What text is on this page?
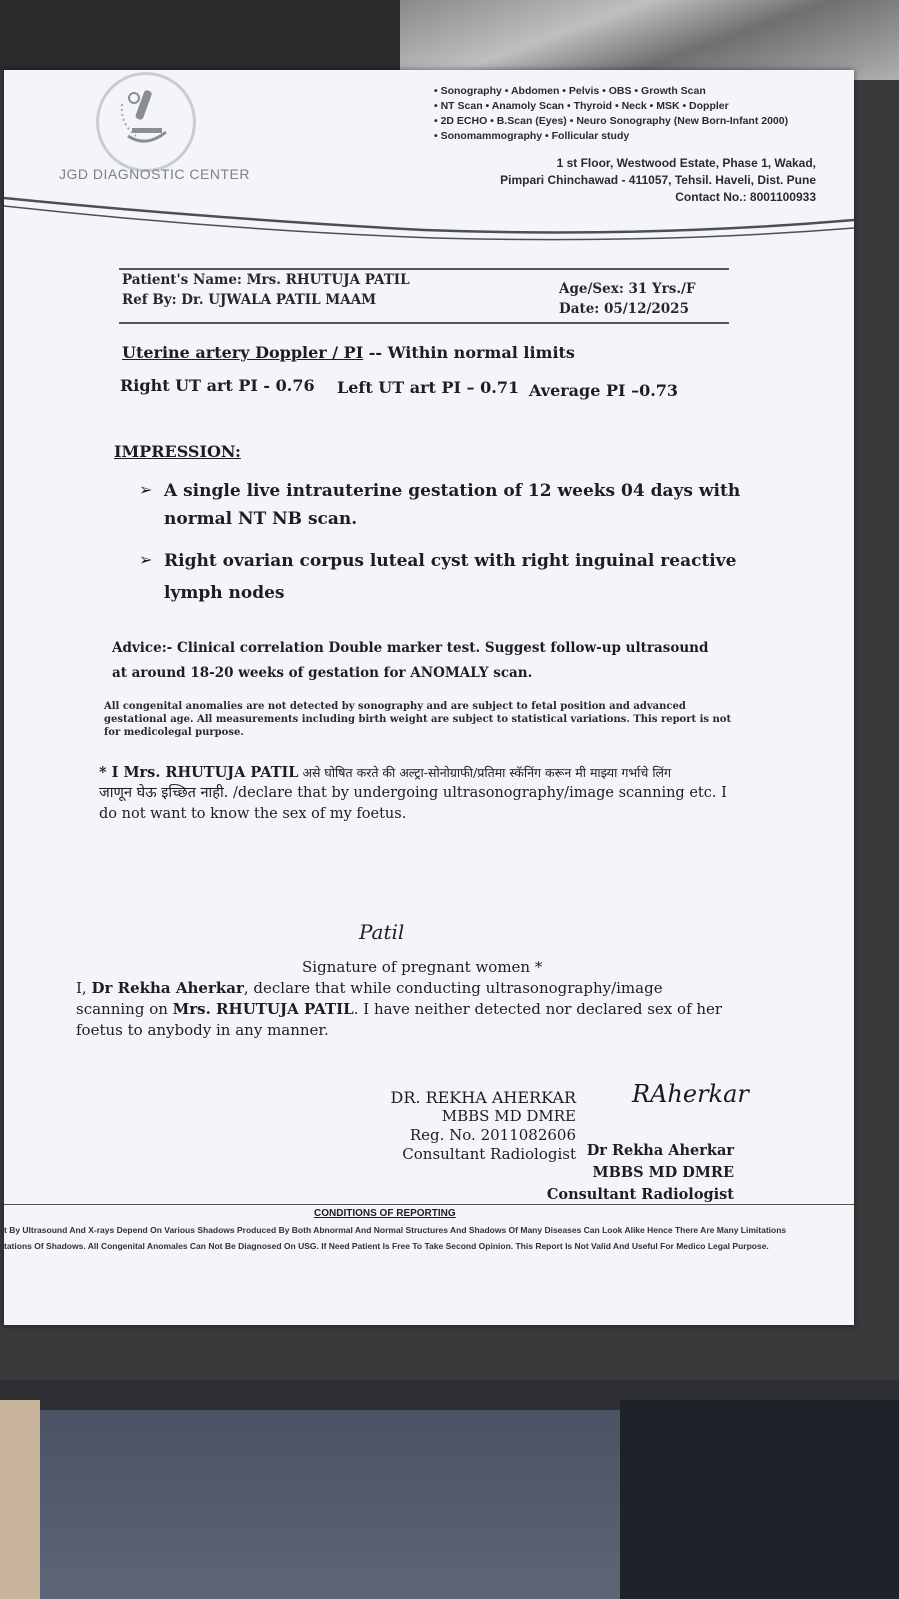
JGD DIAGNOSTIC CENTER
• Sonography • Abdomen • Pelvis • OBS • Growth Scan
• NT Scan • Anamoly Scan • Thyroid • Neck • MSK • Doppler
• 2D ECHO • B.Scan (Eyes) • Neuro Sonography (New Born-Infant 2000)
• Sonomammography • Follicular study
1 st Floor, Westwood Estate, Phase 1, Wakad,
Pimpari Chinchawad - 411057, Tehsil. Haveli, Dist. Pune
Contact No.: 8001100933
Patient's Name: Mrs. RHUTUJA PATIL
Ref By: Dr. UJWALA PATIL MAAM
Age/Sex: 31 Yrs./F
Date: 05/12/2025
Uterine artery Doppler / PI -- Within normal limits
Right UT art PI - 0.76 Left UT art PI – 0.71 Average PI –0.73
IMPRESSION:
➢ A single live intrauterine gestation of 12 weeks 04 days with
normal NT NB scan.
➢ Right ovarian corpus luteal cyst with right inguinal reactive
lymph nodes
Advice:- Clinical correlation Double marker test. Suggest follow-up ultrasound
at around 18-20 weeks of gestation for ANOMALY scan.
All congenital anomalies are not detected by sonography and are subject to fetal position and advanced
gestational age. All measurements including birth weight are subject to statistical variations. This report is not
for medicolegal purpose.
* I Mrs. RHUTUJA PATIL असे घोषित करते की अल्ट्रा-सोनोग्राफी/प्रतिमा स्कॅनिंग करून मी माझ्या गर्भाचे लिंग
जाणून घेऊ इच्छित नाही. /declare that by undergoing ultrasonography/image scanning etc. I
do not want to know the sex of my foetus.
Patil
Signature of pregnant women *
I, Dr Rekha Aherkar, declare that while conducting ultrasonography/image
scanning on Mrs. RHUTUJA PATIL. I have neither detected nor declared sex of her
foetus to anybody in any manner.
DR. REKHA AHERKAR
MBBS MD DMRE
Reg. No. 2011082606
Consultant Radiologist
RAherkar
Dr Rekha Aherkar
MBBS MD DMRE
Consultant Radiologist
CONDITIONS OF REPORTING
t By Ultrasound And X-rays Depend On Various Shadows Produced By Both Abnormal And Normal Structures And Shadows Of Many Diseases Can Look Alike Hence There Are Many Limitations
tations Of Shadows. All Congenital Anomales Can Not Be Diagnosed On USG. If Need Patient Is Free To Take Second Opinion. This Report Is Not Valid And Useful For Medico Legal Purpose.
